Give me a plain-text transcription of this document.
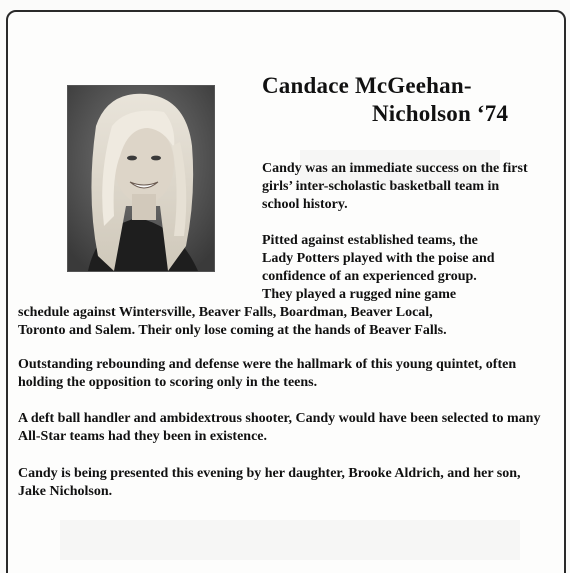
Candace McGeehan-
Nicholson ‘74

Candy was an immediate success on the first girls’ inter-scholastic basketball team in school history.

Pitted against established teams, the
Lady Potters played with the poise and
confidence of an experienced group.
They played a rugged nine game
schedule against Wintersville, Beaver Falls, Boardman, Beaver Local,
Toronto and Salem. Their only lose coming at the hands of Beaver Falls.

Outstanding rebounding and defense were the hallmark of this young quintet, often holding the opposition to scoring only in the teens.

A deft ball handler and ambidextrous shooter, Candy would have been selected to many All-Star teams had they been in existence.

Candy is being presented this evening by her daughter, Brooke Aldrich, and her son, Jake Nicholson.
